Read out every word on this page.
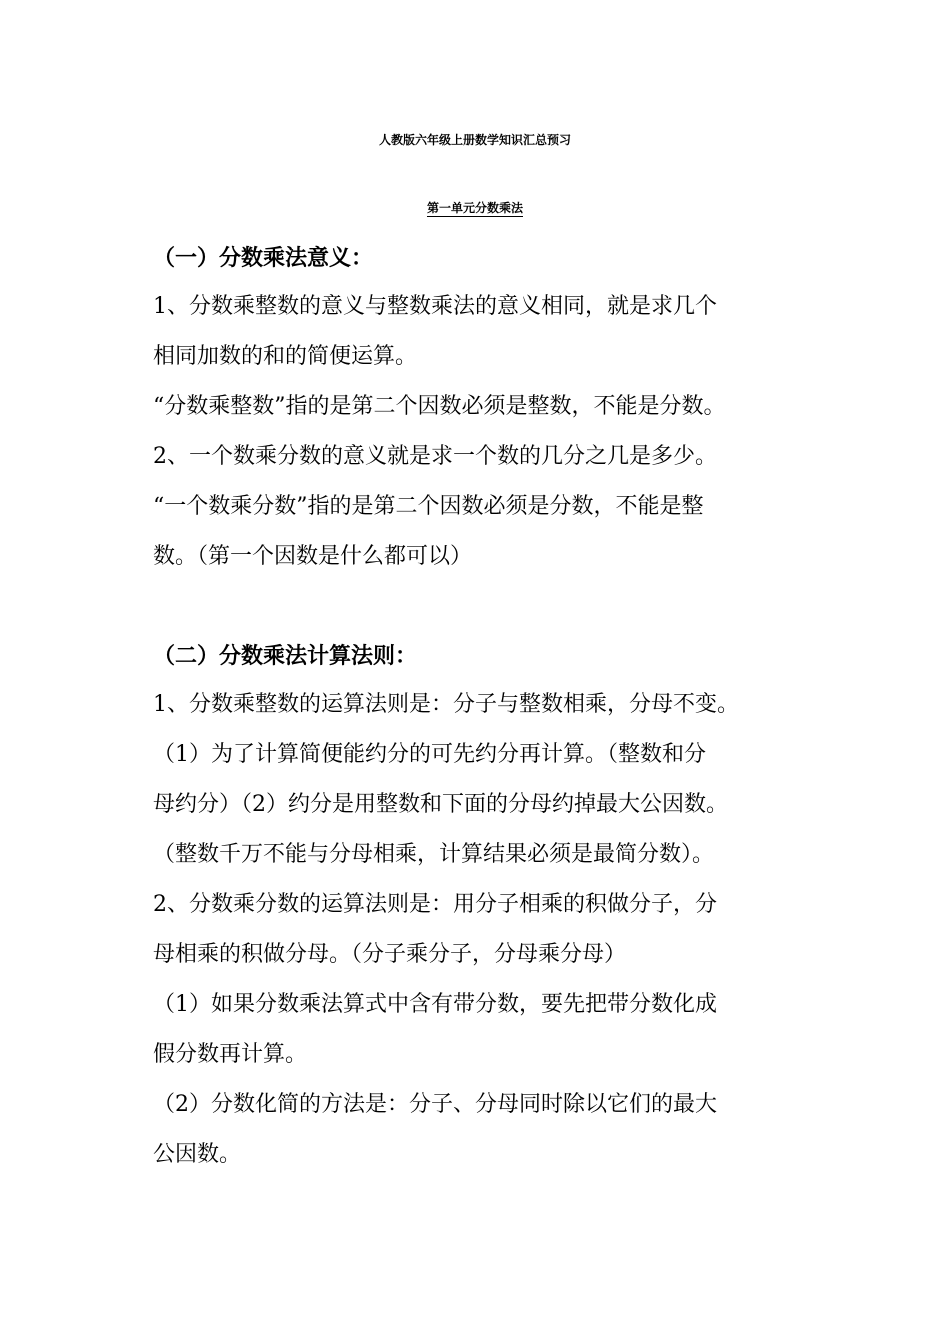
人教版六年级上册数学知识汇总预习
第一单元分数乘法
（一）分数乘法意义：
1、分数乘整数的意义与整数乘法的意义相同，就是求几个
相同加数的和的简便运算。
“分数乘整数”指的是第二个因数必须是整数，不能是分数。
2、一个数乘分数的意义就是求一个数的几分之几是多少。
“一个数乘分数”指的是第二个因数必须是分数，不能是整
数。（第一个因数是什么都可以）
（二）分数乘法计算法则：
1、分数乘整数的运算法则是：分子与整数相乘，分母不变。
（1）为了计算简便能约分的可先约分再计算。（整数和分
母约分）（2）约分是用整数和下面的分母约掉最大公因数。
（整数千万不能与分母相乘，计算结果必须是最简分数）。
2、分数乘分数的运算法则是：用分子相乘的积做分子，分
母相乘的积做分母。（分子乘分子，分母乘分母）
（1）如果分数乘法算式中含有带分数，要先把带分数化成
假分数再计算。
（2）分数化简的方法是：分子、分母同时除以它们的最大
公因数。
